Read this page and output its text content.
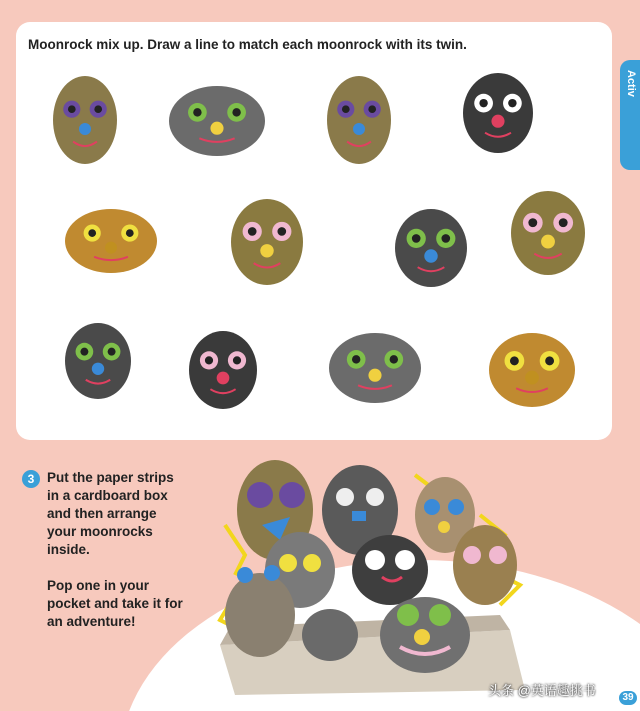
Moonrock mix up. Draw a line to match each moonrock with its twin.
Activ
3 Put the paper strips in a cardboard box and then arrange your moonrocks inside.

Pop one in your pocket and take it for an adventure!

头条 @英语趣挑书	39
